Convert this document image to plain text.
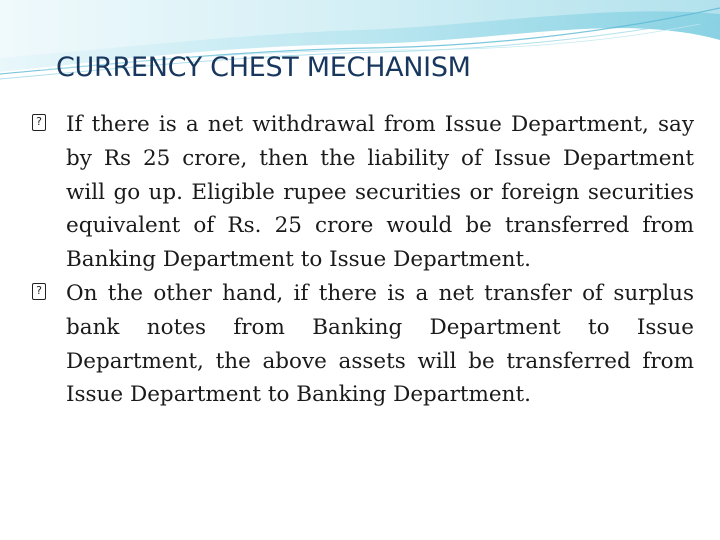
CURRENCY CHEST MECHANISM
? If there is a net withdrawal from Issue Department, say by Rs 25 crore, then the liability of Issue Department will go up. Eligible rupee securities or foreign securities equivalent of Rs. 25 crore would be transferred from Banking Department to Issue Department.
? On the other hand, if there is a net transfer of surplus bank notes from Banking Department to Issue Department, the above assets will be transferred from Issue Department to Banking Department.
